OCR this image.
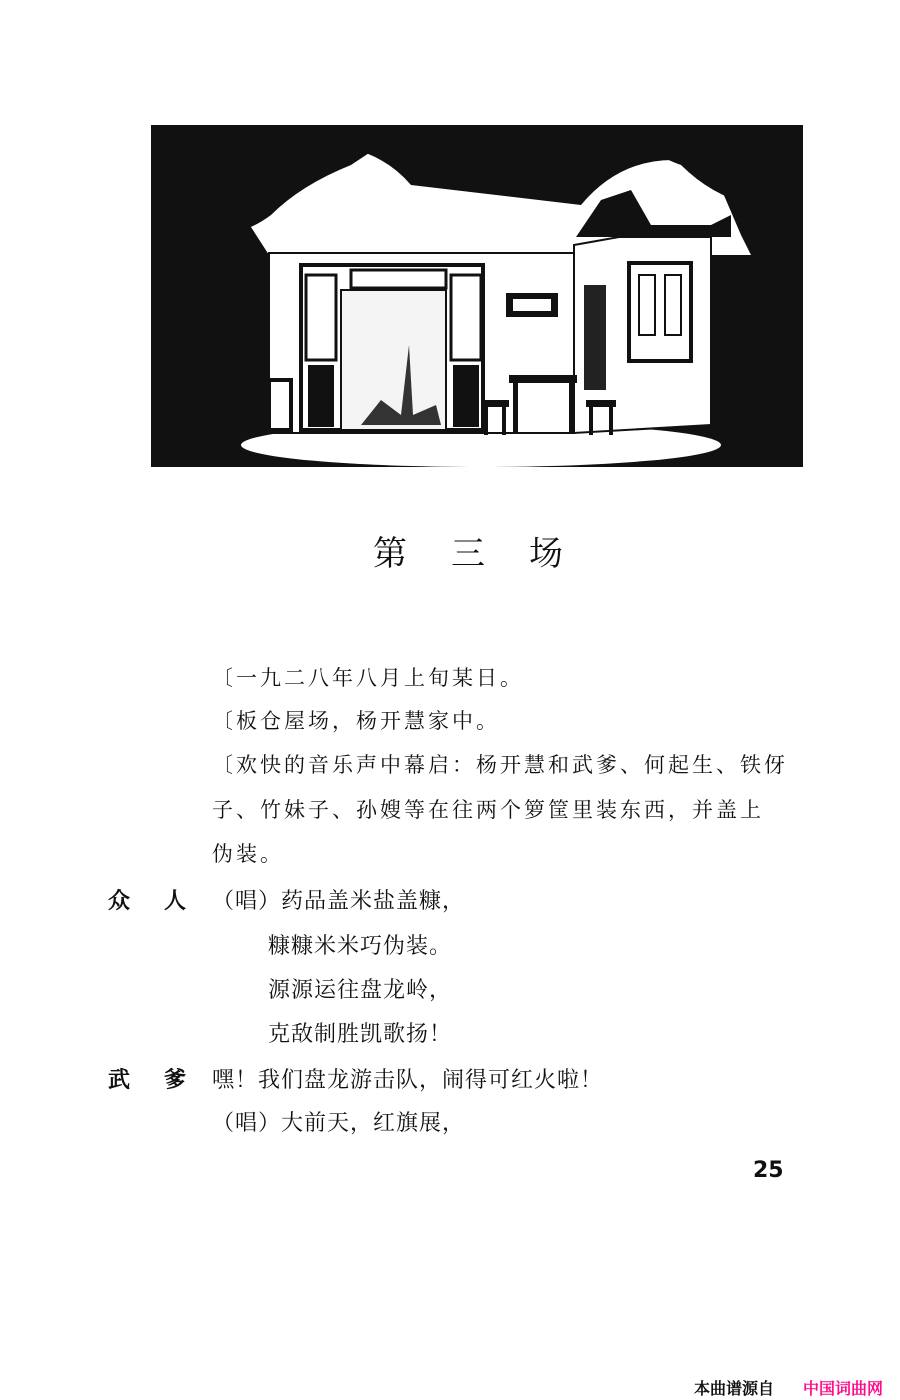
第 三 场
〔一九二八年八月上旬某日。
〔板仓屋场，杨开慧家中。
〔欢快的音乐声中幕启：杨开慧和武爹、何起生、铁伢
子、竹妹子、孙嫂等在往两个箩筐里装东西，并盖上
伪装。
众 人 （唱）药品盖米盐盖糠，
糠糠米米巧伪装。
源源运往盘龙岭，
克敌制胜凯歌扬！
武 爹 嘿！我们盘龙游击队，闹得可红火啦！
（唱）大前天，红旗展，
25
本曲谱源自 中国词曲网
